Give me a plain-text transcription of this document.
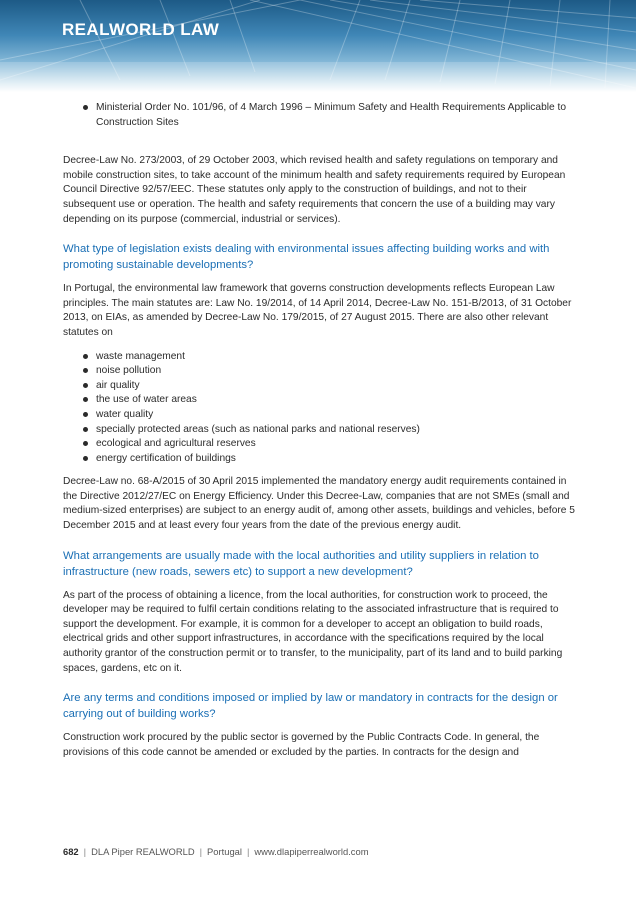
REALWORLD LAW
Ministerial Order No. 101/96, of 4 March 1996 – Minimum Safety and Health Requirements Applicable to Construction Sites

Decree-Law No. 273/2003, of 29 October 2003, which revised health and safety regulations on temporary and mobile construction sites, to take account of the minimum health and safety requirements required by European Council Directive 92/57/EEC. These statutes only apply to the construction of buildings, and not to their subsequent use or operation. The health and safety requirements that concern the use of a building may vary depending on its purpose (commercial, industrial or services).

What type of legislation exists dealing with environmental issues affecting building works and with promoting sustainable developments?

In Portugal, the environmental law framework that governs construction developments reflects European Law principles. The main statutes are: Law No. 19/2014, of 14 April 2014, Decree-Law No. 151-B/2013, of 31 October 2013, on EIAs, as amended by Decree-Law No. 179/2015, of 27 August 2015. There are also other relevant statutes on

waste management
noise pollution
air quality
the use of water areas
water quality
specially protected areas (such as national parks and national reserves)
ecological and agricultural reserves
energy certification of buildings

Decree-Law no. 68-A/2015 of 30 April 2015 implemented the mandatory energy audit requirements contained in the Directive 2012/27/EC on Energy Efficiency. Under this Decree-Law, companies that are not SMEs (small and medium-sized enterprises) are subject to an energy audit of, among other assets, buildings and vehicles, before 5 December 2015 and at least every four years from the date of the previous energy audit.

What arrangements are usually made with the local authorities and utility suppliers in relation to infrastructure (new roads, sewers etc) to support a new development?

As part of the process of obtaining a licence, from the local authorities, for construction work to proceed, the developer may be required to fulfil certain conditions relating to the associated infrastructure that is required to support the development. For example, it is common for a developer to accept an obligation to build roads, electrical grids and other support infrastructures, in accordance with the specifications required by the local authority grantor of the construction permit or to transfer, to the municipality, part of its land and to build parking spaces, gardens, etc on it.

Are any terms and conditions imposed or implied by law or mandatory in contracts for the design or carrying out of building works?

Construction work procured by the public sector is governed by the Public Contracts Code. In general, the provisions of this code cannot be amended or excluded by the parties. In contracts for the design and

682 | DLA Piper REALWORLD | Portugal | www.dlapiperrealworld.com
